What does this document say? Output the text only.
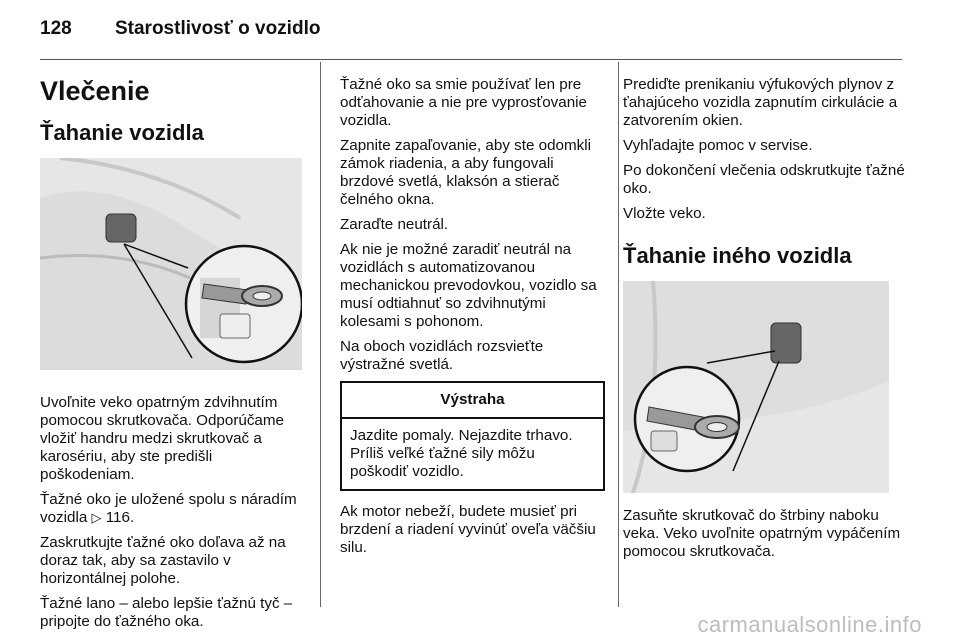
128 Starostlivosť o vozidlo
Vlečenie
Ťahanie vozidla

Uvoľnite veko opatrným zdvihnutím pomocou skrutkovača. Odporúčame vložiť handru medzi skrutkovač a karosériu, aby ste predišli poškodeniam.

Ťažné oko je uložené spolu s náradím vozidla ▷ 116.

Zaskrutkujte ťažné oko doľava až na doraz tak, aby sa zastavilo v horizontálnej polohe.

Ťažné lano – alebo lepšie ťažnú tyč – pripojte do ťažného oka.

Ťažné oko sa smie používať len pre odťahovanie a nie pre vyprosťovanie vozidla.

Zapnite zapaľovanie, aby ste odomkli zámok riadenia, a aby fungovali brzdové svetlá, klaksón a stierač čelného okna.

Zaraďte neutrál.

Ak nie je možné zaradiť neutrál na vozidlách s automatizovanou mechanickou prevodovkou, vozidlo sa musí odtiahnuť so zdvihnutými kolesami s pohonom.

Na oboch vozidlách rozsvieťte výstražné svetlá.

Výstraha
Jazdite pomaly. Nejazdite trhavo. Príliš veľké ťažné sily môžu poškodiť vozidlo.

Ak motor nebeží, budete musieť pri brzdení a riadení vyvinúť oveľa väčšiu silu.

Prediďte prenikaniu výfukových plynov z ťahajúceho vozidla zapnutím cirkulácie a zatvorením okien.

Vyhľadajte pomoc v servise.

Po dokončení vlečenia odskrutkujte ťažné oko.

Vložte veko.

Ťahanie iného vozidla

Zasuňte skrutkovač do štrbiny naboku veka. Veko uvoľnite opatrným vypáčením pomocou skrutkovača.

carmanualsonline.info
